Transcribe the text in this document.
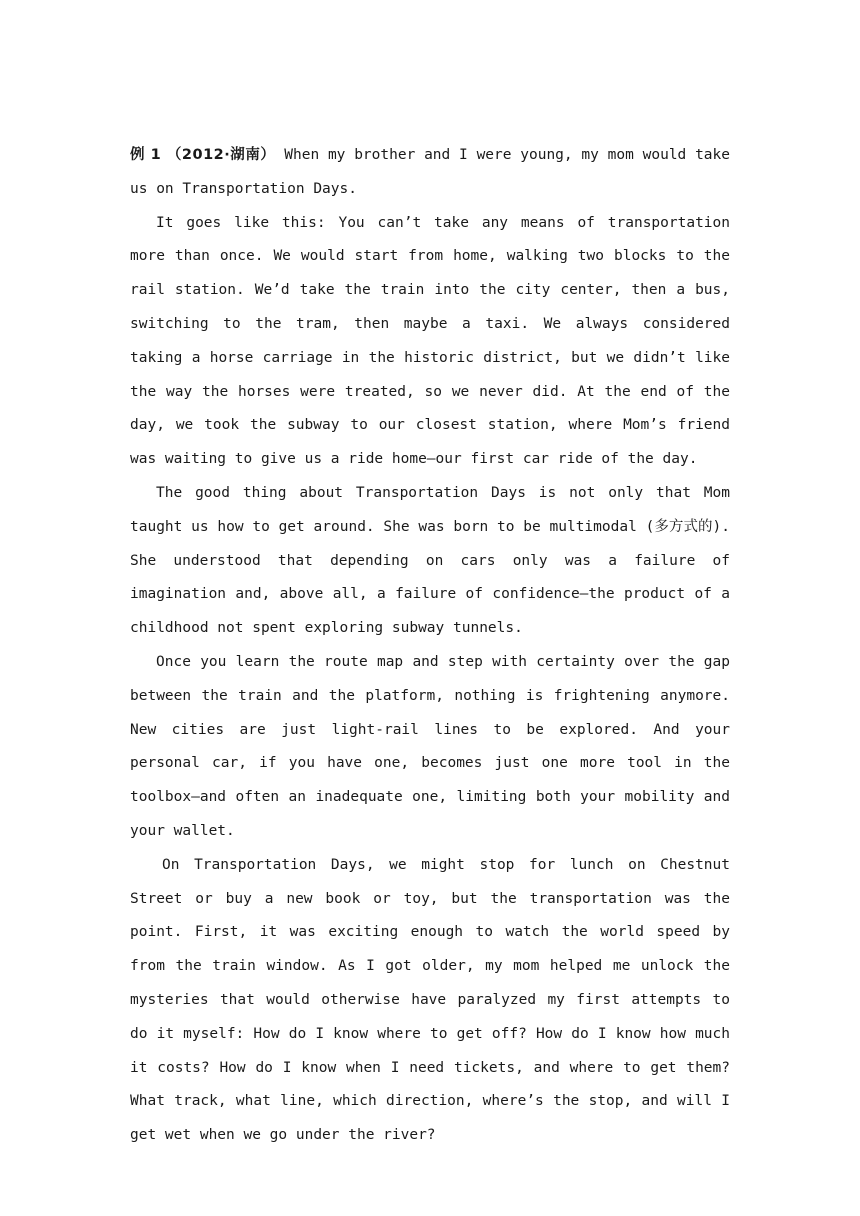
例 1 （2012·湖南） When my brother and I were young, my mom would take us on Transportation Days.

It goes like this: You can’t take any means of transportation more than once. We would start from home, walking two blocks to the rail station. We’d take the train into the city center, then a bus, switching to the tram, then maybe a taxi. We always considered taking a horse carriage in the historic district, but we didn’t like the way the horses were treated, so we never did. At the end of the day, we took the subway to our closest station, where Mom’s friend was waiting to give us a ride home—our first car ride of the day.

The good thing about Transportation Days is not only that Mom taught us how to get around. She was born to be multimodal (多方式的). She understood that depending on cars only was a failure of imagination and, above all, a failure of confidence—the product of a childhood not spent exploring subway tunnels.

Once you learn the route map and step with certainty over the gap between the train and the platform, nothing is frightening anymore. New cities are just light-rail lines to be explored. And your personal car, if you have one, becomes just one more tool in the toolbox—and often an inadequate one, limiting both your mobility and your wallet.

On Transportation Days, we might stop for lunch on Chestnut Street or buy a new book or toy, but the transportation was the point. First, it was exciting enough to watch the world speed by from the train window. As I got older, my mom helped me unlock the mysteries that would otherwise have paralyzed my first attempts to do it myself: How do I know where to get off? How do I know how much it costs? How do I know when I need tickets, and where to get them? What track, what line, which direction, where’s the stop, and will I get wet when we go under the river?
